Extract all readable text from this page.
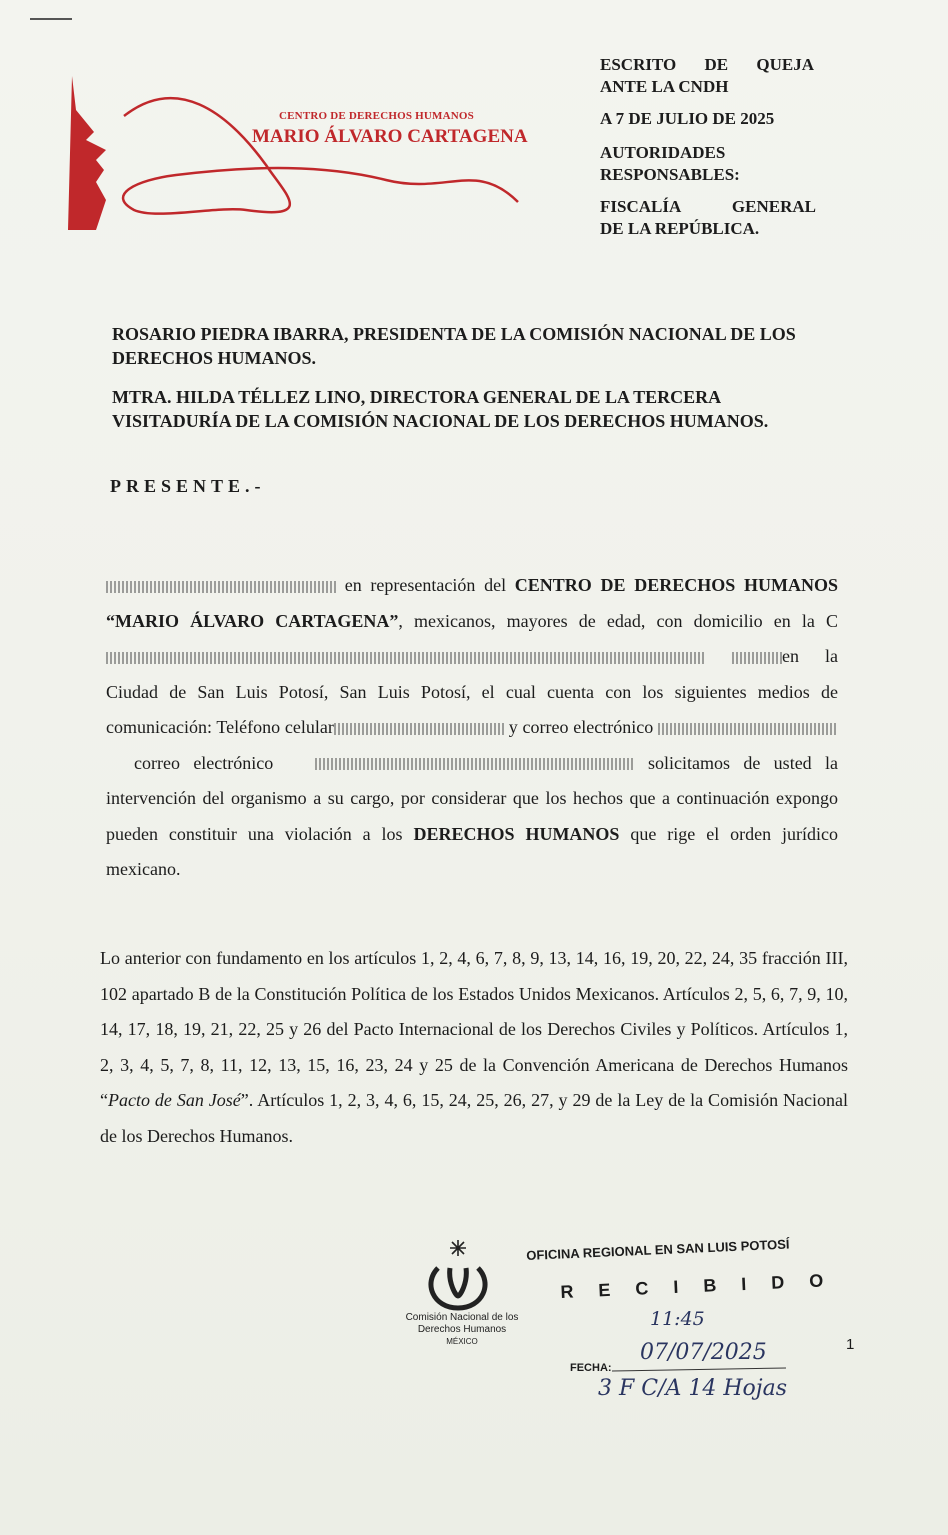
CENTRO DE DERECHOS HUMANOS
MARIO ÁLVARO CARTAGENA
ESCRITO DE QUEJA
ANTE LA CNDH
A 7 DE JULIO DE 2025
AUTORIDADES
RESPONSABLES:
FISCALÍA	GENERAL
DE LA REPÚBLICA.
ROSARIO PIEDRA IBARRA, PRESIDENTA DE LA COMISIÓN NACIONAL DE LOS DERECHOS HUMANOS.
MTRA. HILDA TÉLLEZ LINO, DIRECTORA GENERAL DE LA TERCERA VISITADURÍA DE LA COMISIÓN NACIONAL DE LOS DERECHOS HUMANOS.
PRESENTE.-
en representación del CENTRO DE DERECHOS HUMANOS “MARIO ÁLVARO CARTAGENA”, mexicanos, mayores de edad, con domicilio en la C en la Ciudad de San Luis Potosí, San Luis Potosí, el cual cuenta con los siguientes medios de comunicación: Teléfono celular	y correo electrónico  correo electrónico	solicitamos de usted la intervención del organismo a su cargo, por considerar que los hechos que a continuación expongo pueden constituir una violación a los DERECHOS HUMANOS que rige el orden jurídico mexicano.
Lo anterior con fundamento en los artículos 1, 2, 4, 6, 7, 8, 9, 13, 14, 16, 19, 20, 22, 24, 35 fracción III, 102 apartado B de la Constitución Política de los Estados Unidos Mexicanos. Artículos 2, 5, 6, 7, 9, 10, 14, 17, 18, 19, 21, 22, 25 y 26 del Pacto Internacional de los Derechos Civiles y Políticos. Artículos 1, 2, 3, 4, 5, 7, 8, 11, 12, 13, 15, 16, 23, 24 y 25 de la Convención Americana de Derechos Humanos “Pacto de San José”. Artículos 1, 2, 3, 4, 6, 15, 24, 25, 26, 27, y 29 de la Ley de la Comisión Nacional de los Derechos Humanos.
Comisión Nacional de los
Derechos Humanos
MÉXICO
OFICINA REGIONAL EN SAN LUIS POTOSÍ
RECIBIDO
11:45
FECHA:
07/07/2025
3 F C/A 14 Hojas
1
